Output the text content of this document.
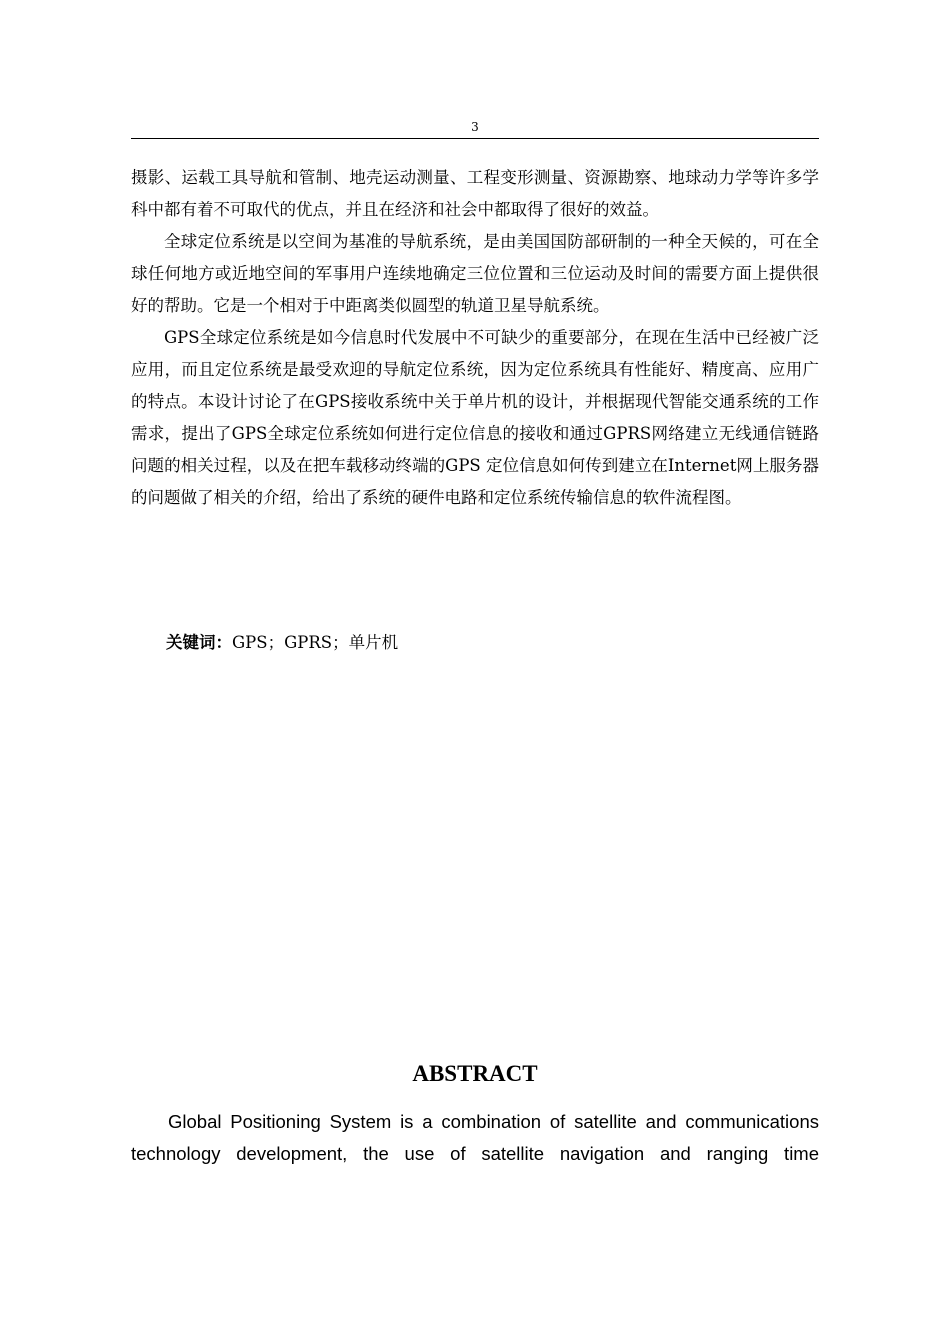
3

摄影、运载工具导航和管制、地壳运动测量、工程变形测量、资源勘察、地球动力学等许多学科中都有着不可取代的优点，并且在经济和社会中都取得了很好的效益。

全球定位系统是以空间为基准的导航系统，是由美国国防部研制的一种全天候的，可在全球任何地方或近地空间的军事用户连续地确定三位位置和三位运动及时间的需要方面上提供很好的帮助。它是一个相对于中距离类似圆型的轨道卫星导航系统。

GPS全球定位系统是如今信息时代发展中不可缺少的重要部分，在现在生活中已经被广泛应用，而且定位系统是最受欢迎的导航定位系统，因为定位系统具有性能好、精度高、应用广的特点。本设计讨论了在GPS接收系统中关于单片机的设计，并根据现代智能交通系统的工作需求，提出了GPS全球定位系统如何进行定位信息的接收和通过GPRS网络建立无线通信链路问题的相关过程，以及在把车载移动终端的GPS 定位信息如何传到建立在Internet网上服务器的问题做了相关的介绍，给出了系统的硬件电路和定位系统传输信息的软件流程图。

关键词：GPS；GPRS；单片机
ABSTRACT

Global Positioning System is a combination of satellite and communications technology development, the use of satellite navigation and ranging time
